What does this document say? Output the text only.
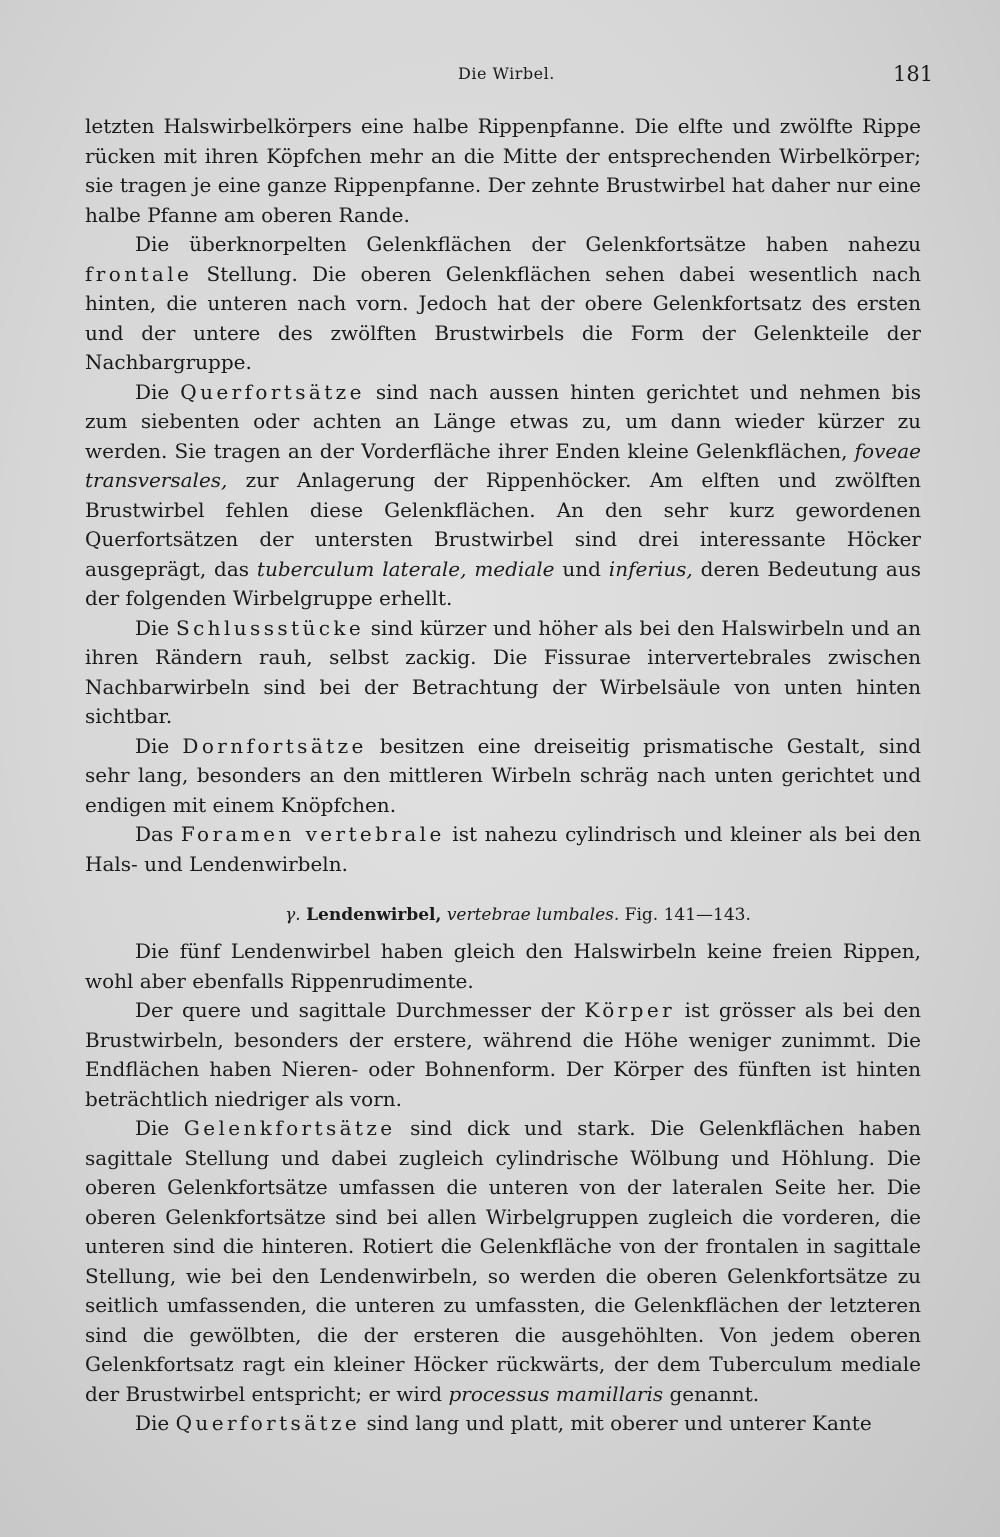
Die Wirbel.	181

letzten Halswirbelkörpers eine halbe Rippenpfanne. Die elfte und zwölfte Rippe rücken mit ihren Köpfchen mehr an die Mitte der entsprechenden Wirbelkörper; sie tragen je eine ganze Rippenpfanne. Der zehnte Brustwirbel hat daher nur eine halbe Pfanne am oberen Rande.

Die überknorpelten Gelenkflächen der Gelenkfortsätze haben nahezu frontale Stellung. Die oberen Gelenkflächen sehen dabei wesentlich nach hinten, die unteren nach vorn. Jedoch hat der obere Gelenkfortsatz des ersten und der untere des zwölften Brustwirbels die Form der Gelenkteile der Nachbargruppe.

Die Querfortsätze sind nach aussen hinten gerichtet und nehmen bis zum siebenten oder achten an Länge etwas zu, um dann wieder kürzer zu werden. Sie tragen an der Vorderfläche ihrer Enden kleine Gelenkflächen, foveae transversales, zur Anlagerung der Rippenhöcker. Am elften und zwölften Brustwirbel fehlen diese Gelenkflächen. An den sehr kurz gewordenen Querfortsätzen der untersten Brustwirbel sind drei interessante Höcker ausgeprägt, das tuberculum laterale, mediale und inferius, deren Bedeutung aus der folgenden Wirbelgruppe erhellt.

Die Schlussstücke sind kürzer und höher als bei den Halswirbeln und an ihren Rändern rauh, selbst zackig. Die Fissurae intervertebrales zwischen Nachbarwirbeln sind bei der Betrachtung der Wirbelsäule von unten hinten sichtbar.

Die Dornfortsätze besitzen eine dreiseitig prismatische Gestalt, sind sehr lang, besonders an den mittleren Wirbeln schräg nach unten gerichtet und endigen mit einem Knöpfchen.

Das Foramen vertebrale ist nahezu cylindrisch und kleiner als bei den Hals- und Lendenwirbeln.

γ. Lendenwirbel, vertebrae lumbales. Fig. 141—143.

Die fünf Lendenwirbel haben gleich den Halswirbeln keine freien Rippen, wohl aber ebenfalls Rippenrudimente.

Der quere und sagittale Durchmesser der Körper ist grösser als bei den Brustwirbeln, besonders der erstere, während die Höhe weniger zunimmt. Die Endflächen haben Nieren- oder Bohnenform. Der Körper des fünften ist hinten beträchtlich niedriger als vorn.

Die Gelenkfortsätze sind dick und stark. Die Gelenkflächen haben sagittale Stellung und dabei zugleich cylindrische Wölbung und Höhlung. Die oberen Gelenkfortsätze umfassen die unteren von der lateralen Seite her. Die oberen Gelenkfortsätze sind bei allen Wirbelgruppen zugleich die vorderen, die unteren sind die hinteren. Rotiert die Gelenkfläche von der frontalen in sagittale Stellung, wie bei den Lendenwirbeln, so werden die oberen Gelenkfortsätze zu seitlich umfassenden, die unteren zu umfassten, die Gelenkflächen der letzteren sind die gewölbten, die der ersteren die ausgehöhlten. Von jedem oberen Gelenkfortsatz ragt ein kleiner Höcker rückwärts, der dem Tuberculum mediale der Brustwirbel entspricht; er wird processus mamillaris genannt.

Die Querfortsätze sind lang und platt, mit oberer und unterer Kante
